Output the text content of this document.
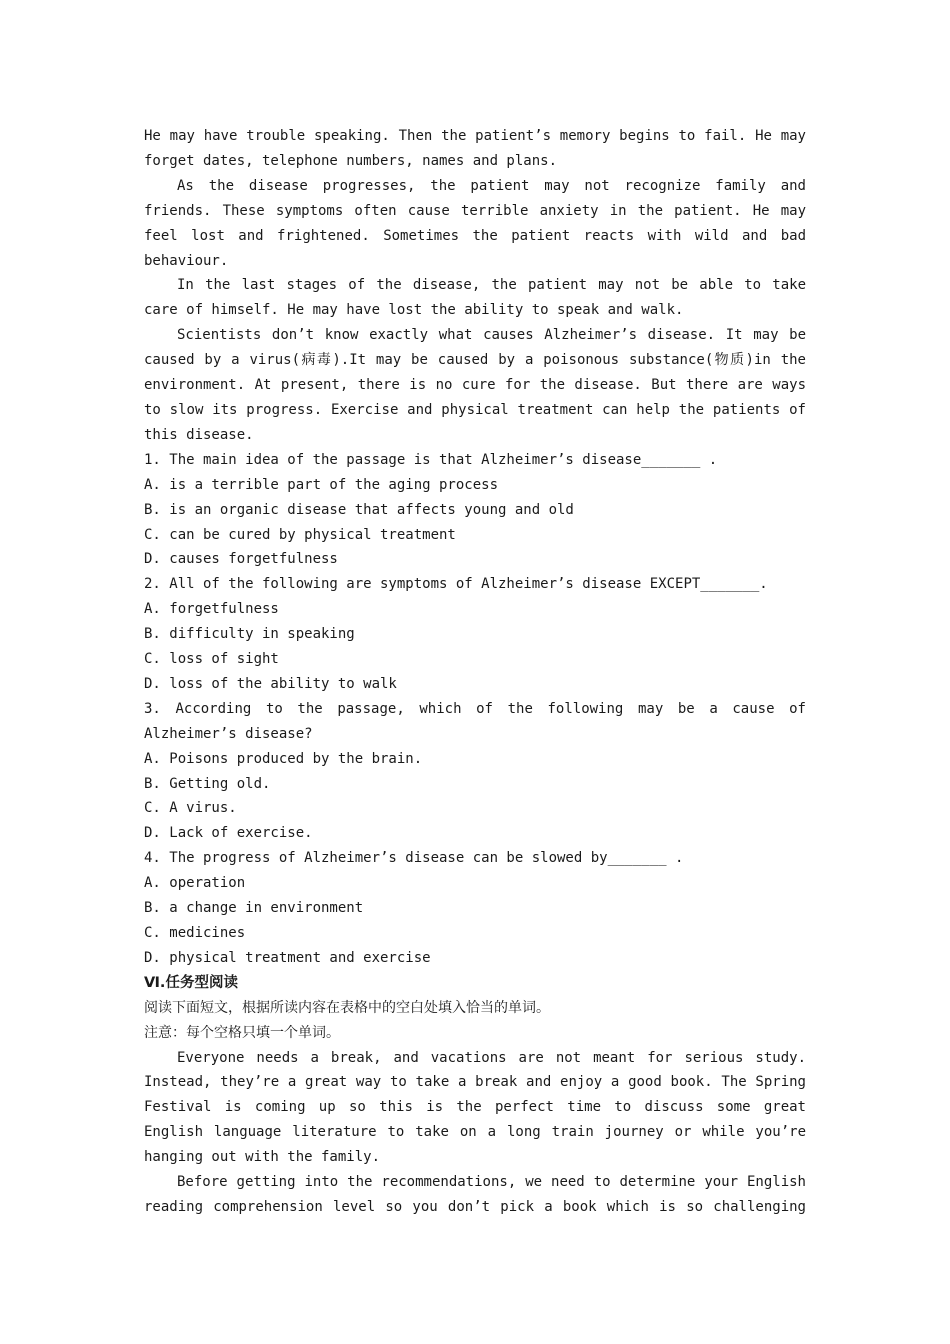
He may have trouble speaking. Then the patient’s memory begins to fail. He may forget dates, telephone numbers, names and plans.

As the disease progresses, the patient may not recognize family and friends. These symptoms often cause terrible anxiety in the patient. He may feel lost and frightened. Sometimes the patient reacts with wild and bad behaviour.

In the last stages of the disease, the patient may not be able to take care of himself. He may have lost the ability to speak and walk.

Scientists don’t know exactly what causes Alzheimer’s disease. It may be caused by a virus(病毒).It may be caused by a poisonous substance(物质)in the environment. At present, there is no cure for the disease. But there are ways to slow its progress. Exercise and physical treatment can help the patients of this disease.

1. The main idea of the passage is that Alzheimer’s disease_______ .

A. is a terrible part of the aging process

B. is an organic disease that affects young and old

C. can be cured by physical treatment

D. causes forgetfulness

2. All of the following are symptoms of Alzheimer’s disease EXCEPT_______.

A. forgetfulness

B. difficulty in speaking

C. loss of sight

D. loss of the ability to walk

3. According to the passage, which of the following may be a cause of Alzheimer’s disease?

A. Poisons produced by the brain.

B. Getting old.

C. A virus.

D. Lack of exercise.

4. The progress of Alzheimer’s disease can be slowed by_______ .

A. operation

B. a change in environment

C. medicines

D. physical treatment and exercise

Ⅵ.任务型阅读

阅读下面短文，根据所读内容在表格中的空白处填入恰当的单词。

注意：每个空格只填一个单词。

Everyone needs a break, and vacations are not meant for serious study. Instead, they’re a great way to take a break and enjoy a good book. The Spring Festival is coming up so this is the perfect time to discuss some great English language literature to take on a long train journey or while you’re hanging out with the family.

Before getting into the recommendations, we need to determine your English reading comprehension level so you don’t pick a book which is so challenging
